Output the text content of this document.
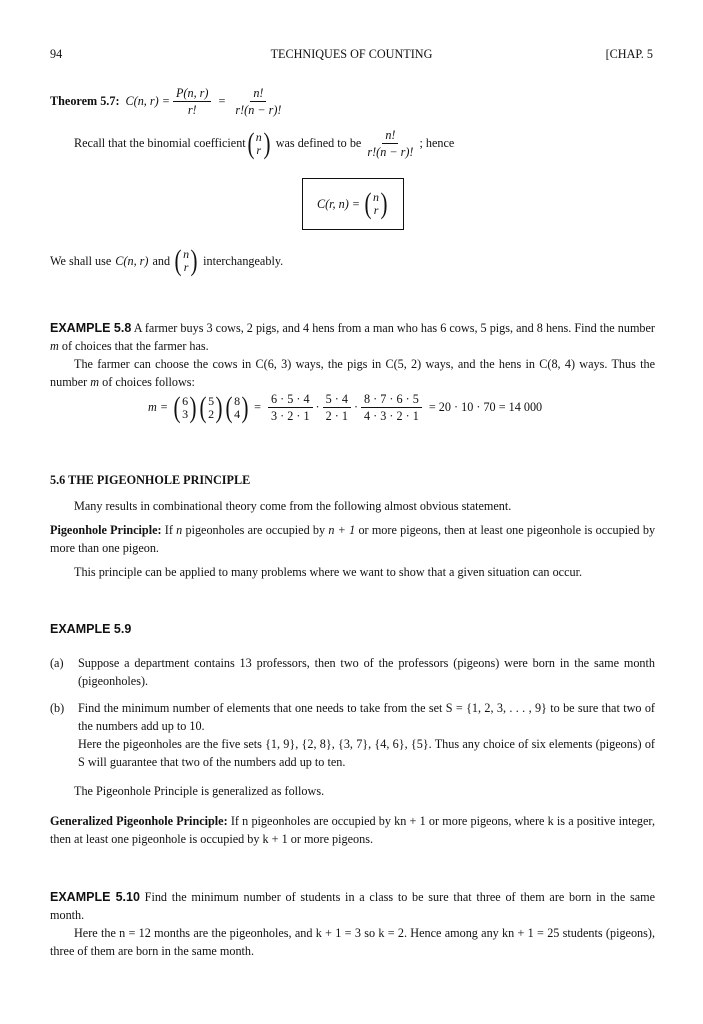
94	TECHNIQUES OF COUNTING	[CHAP. 5
Theorem 5.7: C(n, $r) = \frac{P(n, r)}{r!} = \frac{n!}{r!(n - r)!}$
Recall that the binomial coefficient ( n
r ) was defined to be $\frac{n!}{r!(n - r)!}$ ; hence
C(r, n) = ( n
r )
We shall use C(n, r) and ( n
r ) interchangeably.

EXAMPLE 5.8 A farmer buys 3 cows, 2 pigs, and 4 hens from a man who has 6 cows, 5 pigs, and 8 hens. Find the number m of choices that the farmer has.

The farmer can choose the cows in C(6, 3) ways, the pigs in C(5, 2) ways, and the hens in C(8, 4) ways. Thus the number m of choices follows:

m = ( 6
3 ) ( 5
2 ) ( 8
4 ) = $\frac{6 \cdot 5 \cdot 4}{3 \cdot 2 \cdot 1} \cdot \frac{5 \cdot 4}{2 \cdot 1} \cdot \frac{8 \cdot 7 \cdot 6 \cdot 5}{4 \cdot 3 \cdot 2 \cdot 1} = 20 \cdot 10 \cdot 70 = 14$ 000
5.6 THE PIGEONHOLE PRINCIPLE

Many results in combinational theory come from the following almost obvious statement.

Pigeonhole Principle: If n pigeonholes are occupied by n + 1 or more pigeons, then at least one pigeonhole is occupied by more than one pigeon.

This principle can be applied to many problems where we want to show that a given situation can occur.

EXAMPLE 5.9
(a)	Suppose a department contains 13 professors, then two of the professors (pigeons) were born in the same month (pigeonholes).
(b)	Find the minimum number of elements that one needs to take from the set S = {1, 2, 3, . . . , 9} to be sure that two of the numbers add up to 10.
Here the pigeonholes are the five sets {1, 9}, {2, 8}, {3, 7}, {4, 6}, {5}. Thus any choice of six elements (pigeons) of S will guarantee that two of the numbers add up to ten.

The Pigeonhole Principle is generalized as follows.

Generalized Pigeonhole Principle: If n pigeonholes are occupied by kn + 1 or more pigeons, where k is a positive integer, then at least one pigeonhole is occupied by k + 1 or more pigeons.

EXAMPLE 5.10 Find the minimum number of students in a class to be sure that three of them are born in the same month.

Here the n = 12 months are the pigeonholes, and k + 1 = 3 so k = 2. Hence among any kn + 1 = 25 students (pigeons), three of them are born in the same month.
